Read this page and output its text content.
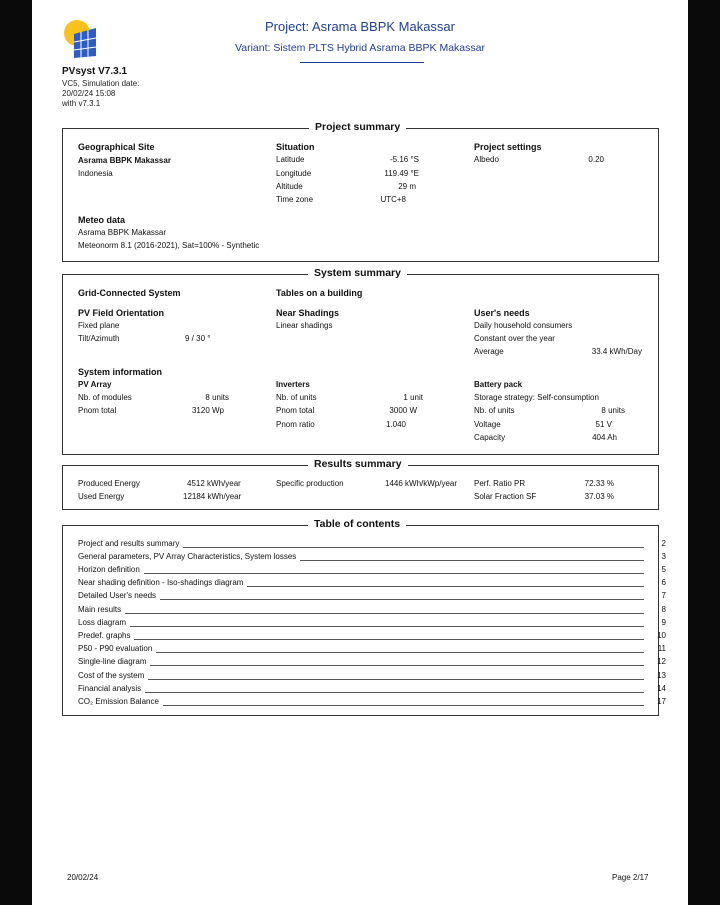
Project: Asrama BBPK Makassar
Variant: Sistem PLTS Hybrid Asrama BBPK Makassar
PVsyst V7.3.1
VC5, Simulation date:
20/02/24 15:08
with v7.3.1
Project summary
Geographical Site
Asrama BBPK Makassar
Indonesia
Situation
Latitude	-5.16 °S
Longitude	119.49 °E
Altitude	29 m
Time zone	UTC+8
Project settings
Albedo	0.20
Meteo data
Asrama BBPK Makassar
Meteonorm 8.1 (2016-2021), Sat=100% - Synthetic
System summary
Grid-Connected System	Tables on a building
PV Field Orientation
Fixed plane
Tilt/Azimuth	9 / 30 °
Near Shadings
Linear shadings
User's needs
Daily household consumers
Constant over the year
Average	33.4 kWh/Day
System information
PV Array
Nb. of modules	8 units
Pnom total	3120 Wp
Inverters
Nb. of units	1 unit
Pnom total	3000 W
Pnom ratio	1.040
Battery pack
Storage strategy: Self-consumption
Nb. of units	8 units
Voltage	51 V
Capacity	404 Ah
Results summary
Produced Energy	4512 kWh/year
Used Energy	12184 kWh/year
Specific production	1446 kWh/kWp/year Perf. Ratio PR	72.33 %
Solar Fraction SF	37.03 %
Table of contents
Project and results summary	2
General parameters, PV Array Characteristics, System losses	3
Horizon definition	5
Near shading definition - Iso-shadings diagram	6
Detailed User's needs	7
Main results	8
Loss diagram	9
Predef. graphs	10
P50 - P90 evaluation	11
Single-line diagram	12
Cost of the system	13
Financial analysis	14
CO₂ Emission Balance	17
20/02/24	Page 2/17
